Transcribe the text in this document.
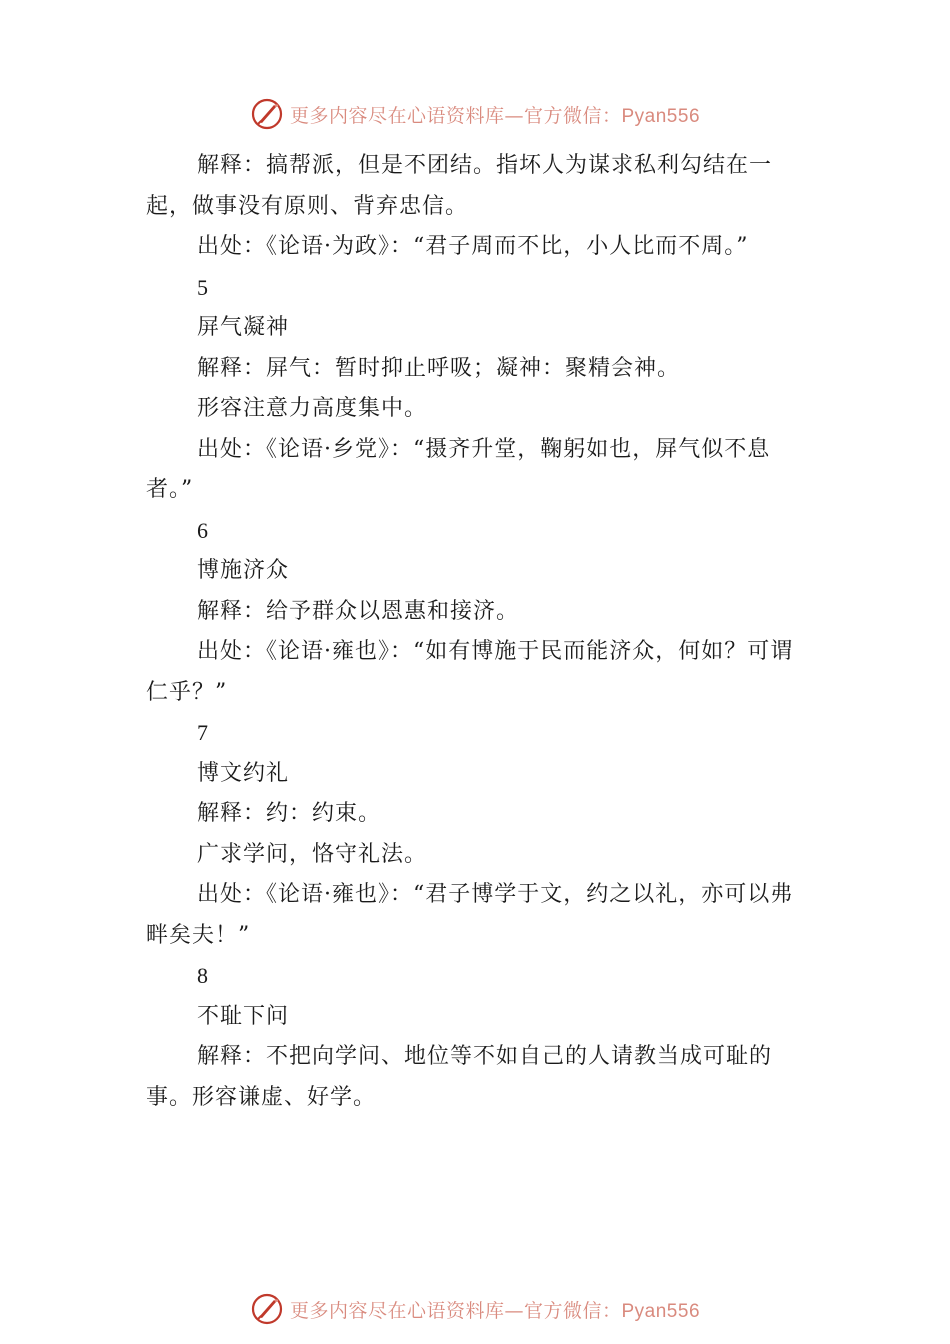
更多内容尽在心语资料库—官方微信：Pyan556

解释：搞帮派，但是不团结。指坏人为谋求私利勾结在一起，做事没有原则、背弃忠信。

出处：《论语·为政》：“君子周而不比，小人比而不周。”

5

屏气凝神

解释：屏气：暂时抑止呼吸；凝神：聚精会神。

形容注意力高度集中。

出处：《论语·乡党》：“摄齐升堂，鞠躬如也，屏气似不息者。”

6

博施济众

解释：给予群众以恩惠和接济。

出处：《论语·雍也》：“如有博施于民而能济众，何如？可谓仁乎？”

7

博文约礼

解释：约：约束。

广求学问，恪守礼法。

出处：《论语·雍也》：“君子博学于文，约之以礼，亦可以弗畔矣夫！”

8

不耻下问

解释：不把向学问、地位等不如自己的人请教当成可耻的事。形容谦虚、好学。

更多内容尽在心语资料库—官方微信：Pyan556
